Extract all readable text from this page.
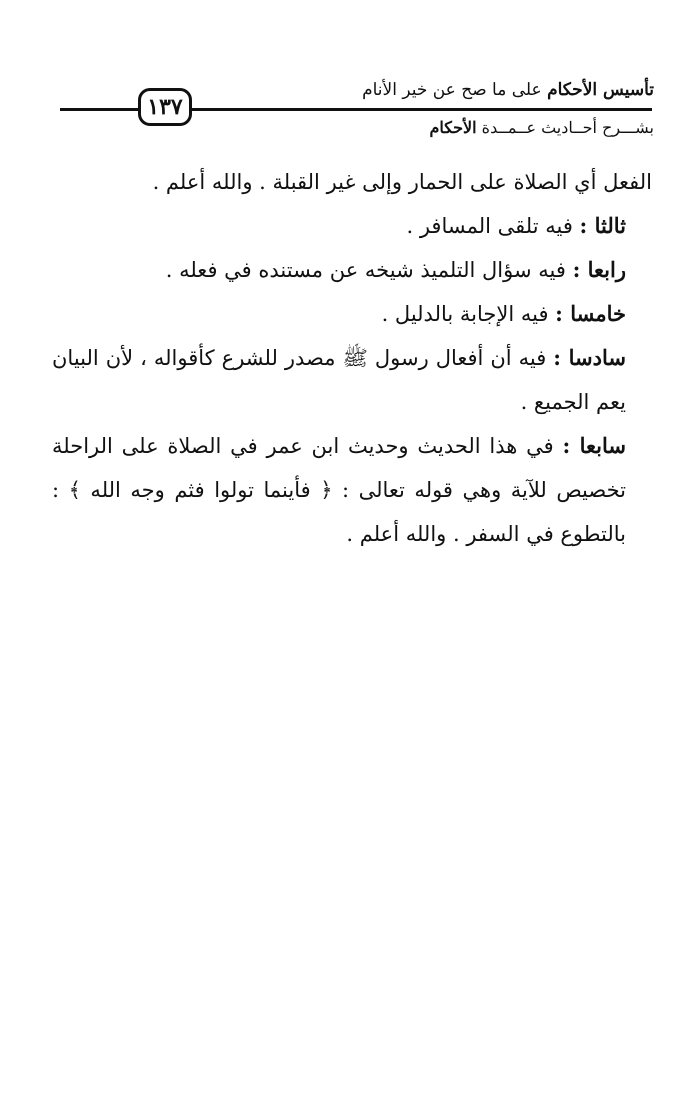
تأسيس الأحكام على ما صح عن خير الأنام
١٣٧
بشـــرح أحــاديث عــمــدة الأحكام

الفعل أي الصلاة على الحمار وإلى غير القبلة . والله أعلم .

ثالثا : فيه تلقى المسافر .

رابعا : فيه سؤال التلميذ شيخه عن مستنده في فعله .

خامسا : فيه الإجابة بالدليل .

سادسا : فيه أن أفعال رسول ﷺ مصدر للشرع كأقواله ، لأن البيان يعم الجميع .

سابعا : في هذا الحديث وحديث ابن عمر في الصلاة على الراحلة تخصيص للآية وهي قوله تعالى : ﴿ فأينما تولوا فثم وجه الله ﴾ : بالتطوع في السفر . والله أعلم .
